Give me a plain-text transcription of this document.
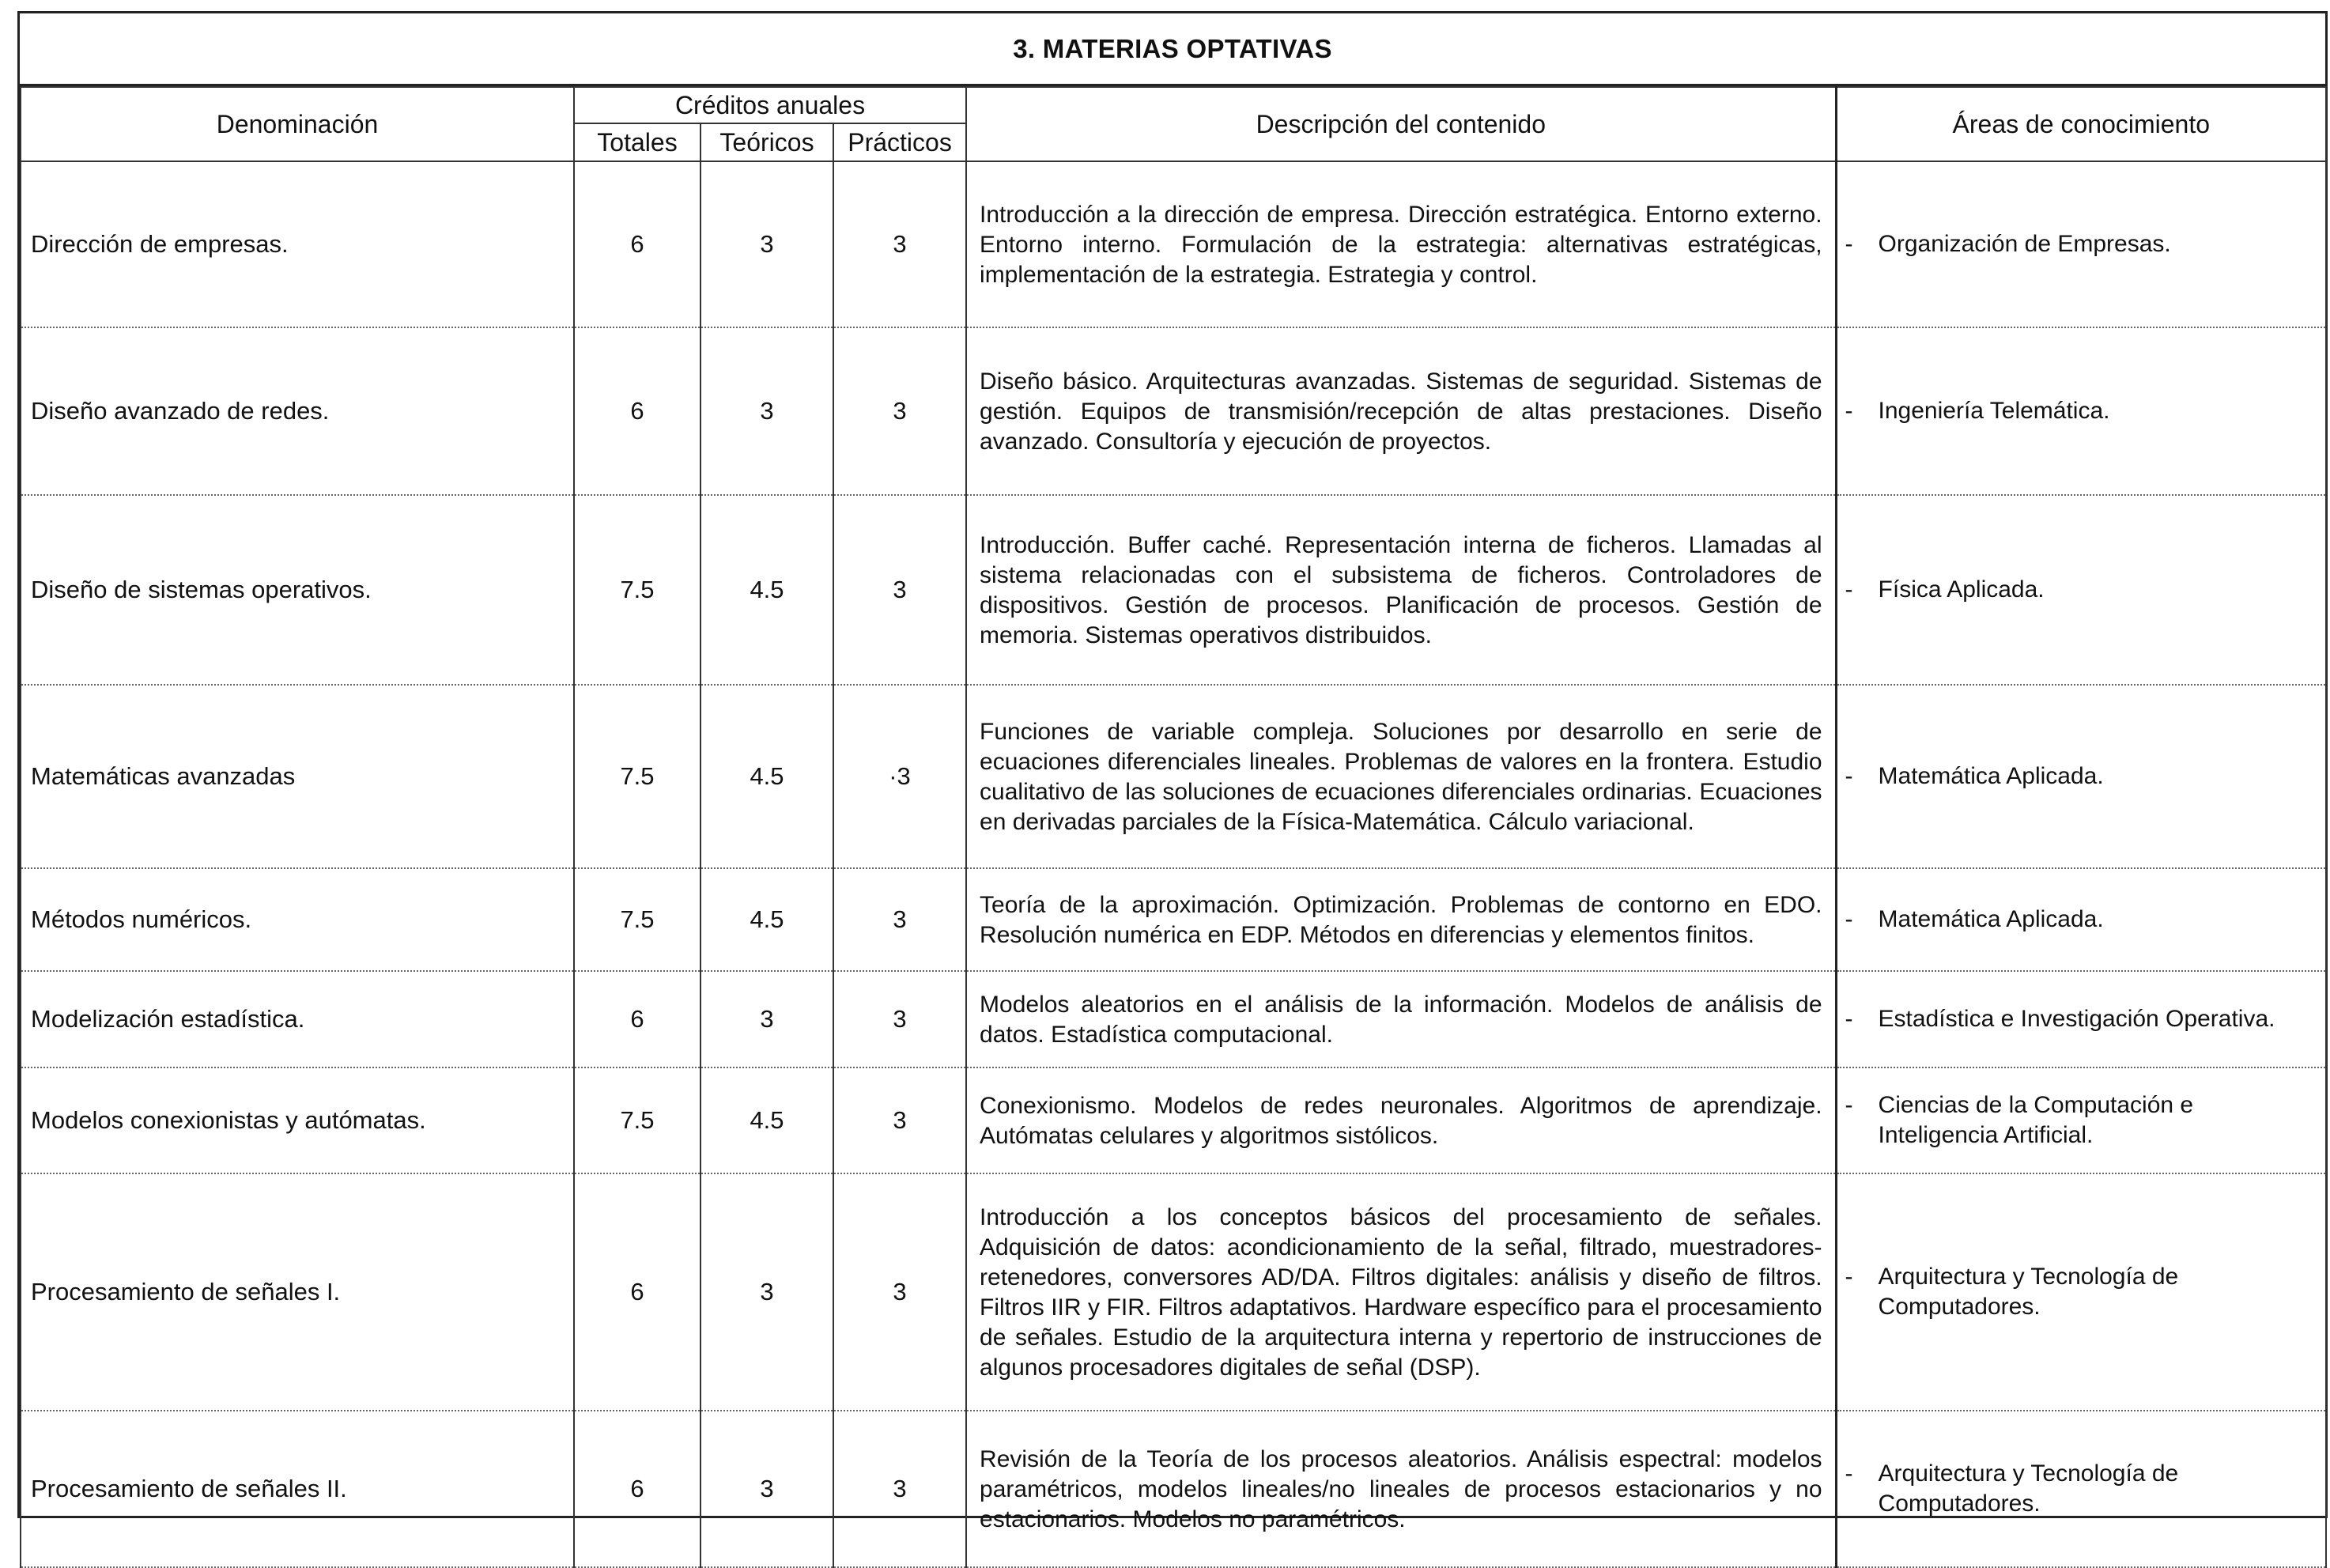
3. MATERIAS OPTATIVAS
Denominación	Créditos anuales			Descripción del contenido	Áreas de conocimiento
	Totales	Teóricos	Prácticos		
Dirección de empresas.	6	3	3	Introducción a la dirección de empresa. Dirección estratégica. Entorno externo. Entorno interno. Formulación de la estrategia: alternativas estratégicas, implementación de la estrategia. Estrategia y control.	- Organización de Empresas.

Diseño avanzado de redes.	6	3	3	Diseño básico. Arquitecturas avanzadas. Sistemas de seguridad. Sistemas de gestión. Equipos de transmisión/recepción de altas prestaciones. Diseño avanzado. Consultoría y ejecución de proyectos.	- Ingeniería Telemática.

Diseño de sistemas operativos.	7.5	4.5	3	Introducción. Buffer caché. Representación interna de ficheros. Llamadas al sistema relacionadas con el subsistema de ficheros. Controladores de dispositivos. Gestión de procesos. Planificación de procesos. Gestión de memoria. Sistemas operativos distribuidos.	- Física Aplicada.

Matemáticas avanzadas	7.5	4.5	·3	Funciones de variable compleja. Soluciones por desarrollo en serie de ecuaciones diferenciales lineales. Problemas de valores en la frontera. Estudio cualitativo de las soluciones de ecuaciones diferenciales ordinarias. Ecuaciones en derivadas parciales de la Física-Matemática. Cálculo variacional.	- Matemática Aplicada.

Métodos numéricos.	7.5	4.5	3	Teoría de la aproximación. Optimización. Problemas de contorno en EDO. Resolución numérica en EDP. Métodos en diferencias y elementos finitos.	- Matemática Aplicada.

Modelización estadística.	6	3	3	Modelos aleatorios en el análisis de la información. Modelos de análisis de datos. Estadística computacional.	- Estadística e Investigación Operativa.

Modelos conexionistas y autómatas.	7.5	4.5	3	Conexionismo. Modelos de redes neuronales. Algoritmos de aprendizaje. Autómatas celulares y algoritmos sistólicos.	- Ciencias de la Computación e Inteligencia Artificial.

Procesamiento de señales I.	6	3	3	Introducción a los conceptos básicos del procesamiento de señales. Adquisición de datos: acondicionamiento de la señal, filtrado, muestradores-retenedores, conversores AD/DA. Filtros digitales: análisis y diseño de filtros. Filtros IIR y FIR. Filtros adaptativos. Hardware específico para el procesamiento de señales. Estudio de la arquitectura interna y repertorio de instrucciones de algunos procesadores digitales de señal (DSP).	- Arquitectura y Tecnología de Computadores.

Procesamiento de señales II.	6	3	3	Revisión de la Teoría de los procesos aleatorios. Análisis espectral: modelos paramétricos, modelos lineales/no lineales de procesos estacionarios y no estacionarios. Modelos no paramétricos.	- Arquitectura y Tecnología de Computadores.
